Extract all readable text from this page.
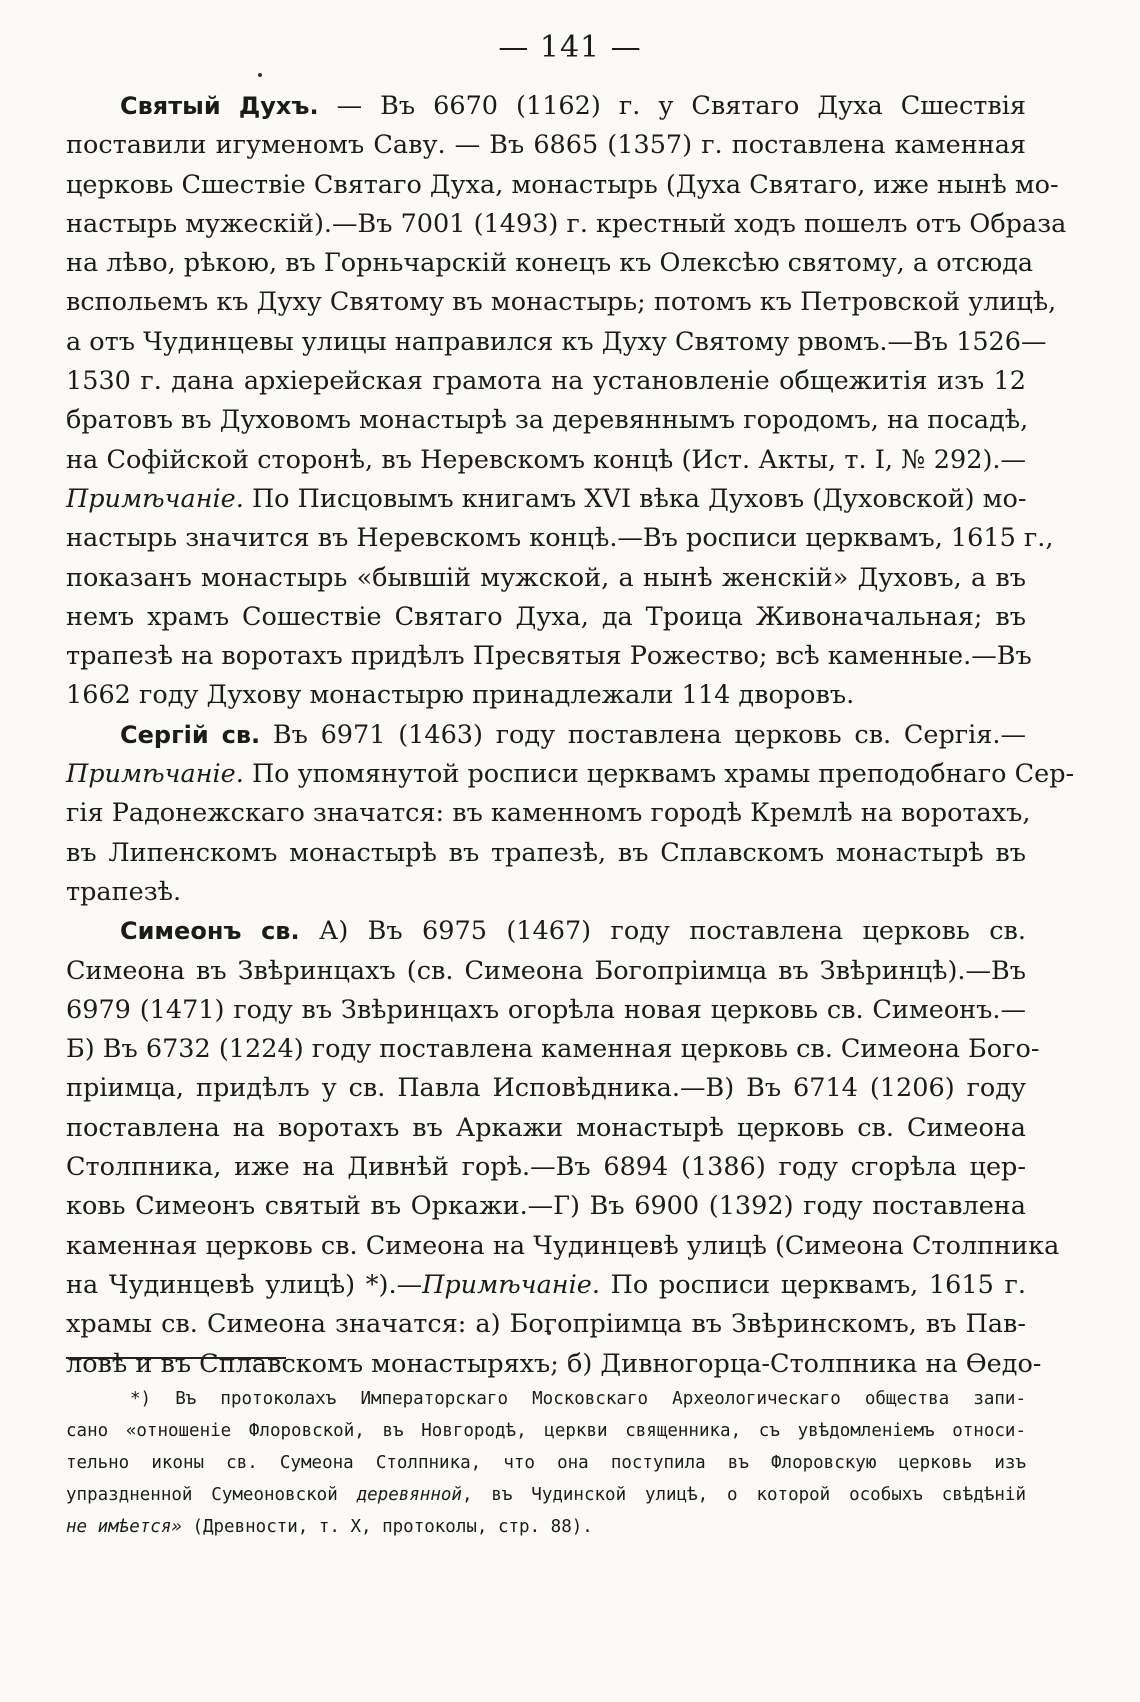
— 141 —
Святый Духъ. — Въ 6670 (1162) г. у Святаго Духа Сшествія
поставили игуменомъ Саву. — Въ 6865 (1357) г. поставлена каменная
церковь Сшествіе Святаго Духа, монастырь (Духа Святаго, иже нынѣ мо-
настырь мужескій).—Въ 7001 (1493) г. крестный ходъ пошелъ отъ Образа
на лѣво, рѣкою, въ Горньчарскій конецъ къ Олексѣю святому, а отсюда
вспольемъ къ Духу Святому въ монастырь; потомъ къ Петровской улицѣ,
а отъ Чудинцевы улицы направился къ Духу Святому рвомъ.—Въ 1526—
1530 г. дана архіерейская грамота на установленіе общежитія изъ 12
братовъ въ Духовомъ монастырѣ за деревяннымъ городомъ, на посадѣ,
на Софійской сторонѣ, въ Неревскомъ концѣ (Ист. Акты, т. I, № 292).—
Примѣчаніе. По Писцовымъ книгамъ XVI вѣка Духовъ (Духовской) мо-
настырь значится въ Неревскомъ концѣ.—Въ росписи церквамъ, 1615 г.,
показанъ монастырь «бывшій мужской, а нынѣ женскій» Духовъ, а въ
немъ храмъ Сошествіе Святаго Духа, да Троица Живоначальная; въ
трапезѣ на воротахъ придѣлъ Пресвятыя Рожество; всѣ каменные.—Въ
1662 году Духову монастырю принадлежали 114 дворовъ.
Сергій св. Въ 6971 (1463) году поставлена церковь св. Сергія.—
Примѣчаніе. По упомянутой росписи церквамъ храмы преподобнаго Сер-
гія Радонежскаго значатся: въ каменномъ городѣ Кремлѣ на воротахъ,
въ Липенскомъ монастырѣ въ трапезѣ, въ Сплавскомъ монастырѣ въ
трапезѣ.
Симеонъ св. А) Въ 6975 (1467) году поставлена церковь св.
Симеона въ Звѣринцахъ (св. Симеона Богопріимца въ Звѣринцѣ).—Въ
6979 (1471) году въ Звѣринцахъ огорѣла новая церковь св. Симеонъ.—
Б) Въ 6732 (1224) году поставлена каменная церковь св. Симеона Бого-
пріимца, придѣлъ у св. Павла Исповѣдника.—В) Въ 6714 (1206) году
поставлена на воротахъ въ Аркажи монастырѣ церковь св. Симеона
Столпника, иже на Дивнѣй горѣ.—Въ 6894 (1386) году сгорѣла цер-
ковь Симеонъ святый въ Оркажи.—Г) Въ 6900 (1392) году поставлена
каменная церковь св. Симеона на Чудинцевѣ улицѣ (Симеона Столпника
на Чудинцевѣ улицѣ) *).—Примѣчаніе. По росписи церквамъ, 1615 г.
храмы св. Симеона значатся: а) Богопріимца въ Звѣринскомъ, въ Пав-
ловѣ и въ Сплавскомъ монастыряхъ; б) Дивногорца-Столпника на Ѳедо-
*) Въ протоколахъ Императорскаго Московскаго Археологическаго общества запи-
сано «отношеніе Флоровской, въ Новгородѣ, церкви священника, съ увѣдомленіемъ относи-
тельно иконы св. Сумеона Столпника, что она поступила въ Флоровскую церковь изъ
упраздненной Сумеоновской деревянной, въ Чудинской улицѣ, о которой особыхъ свѣдѣній
не имѣется» (Древности, т. X, протоколы, стр. 88).
